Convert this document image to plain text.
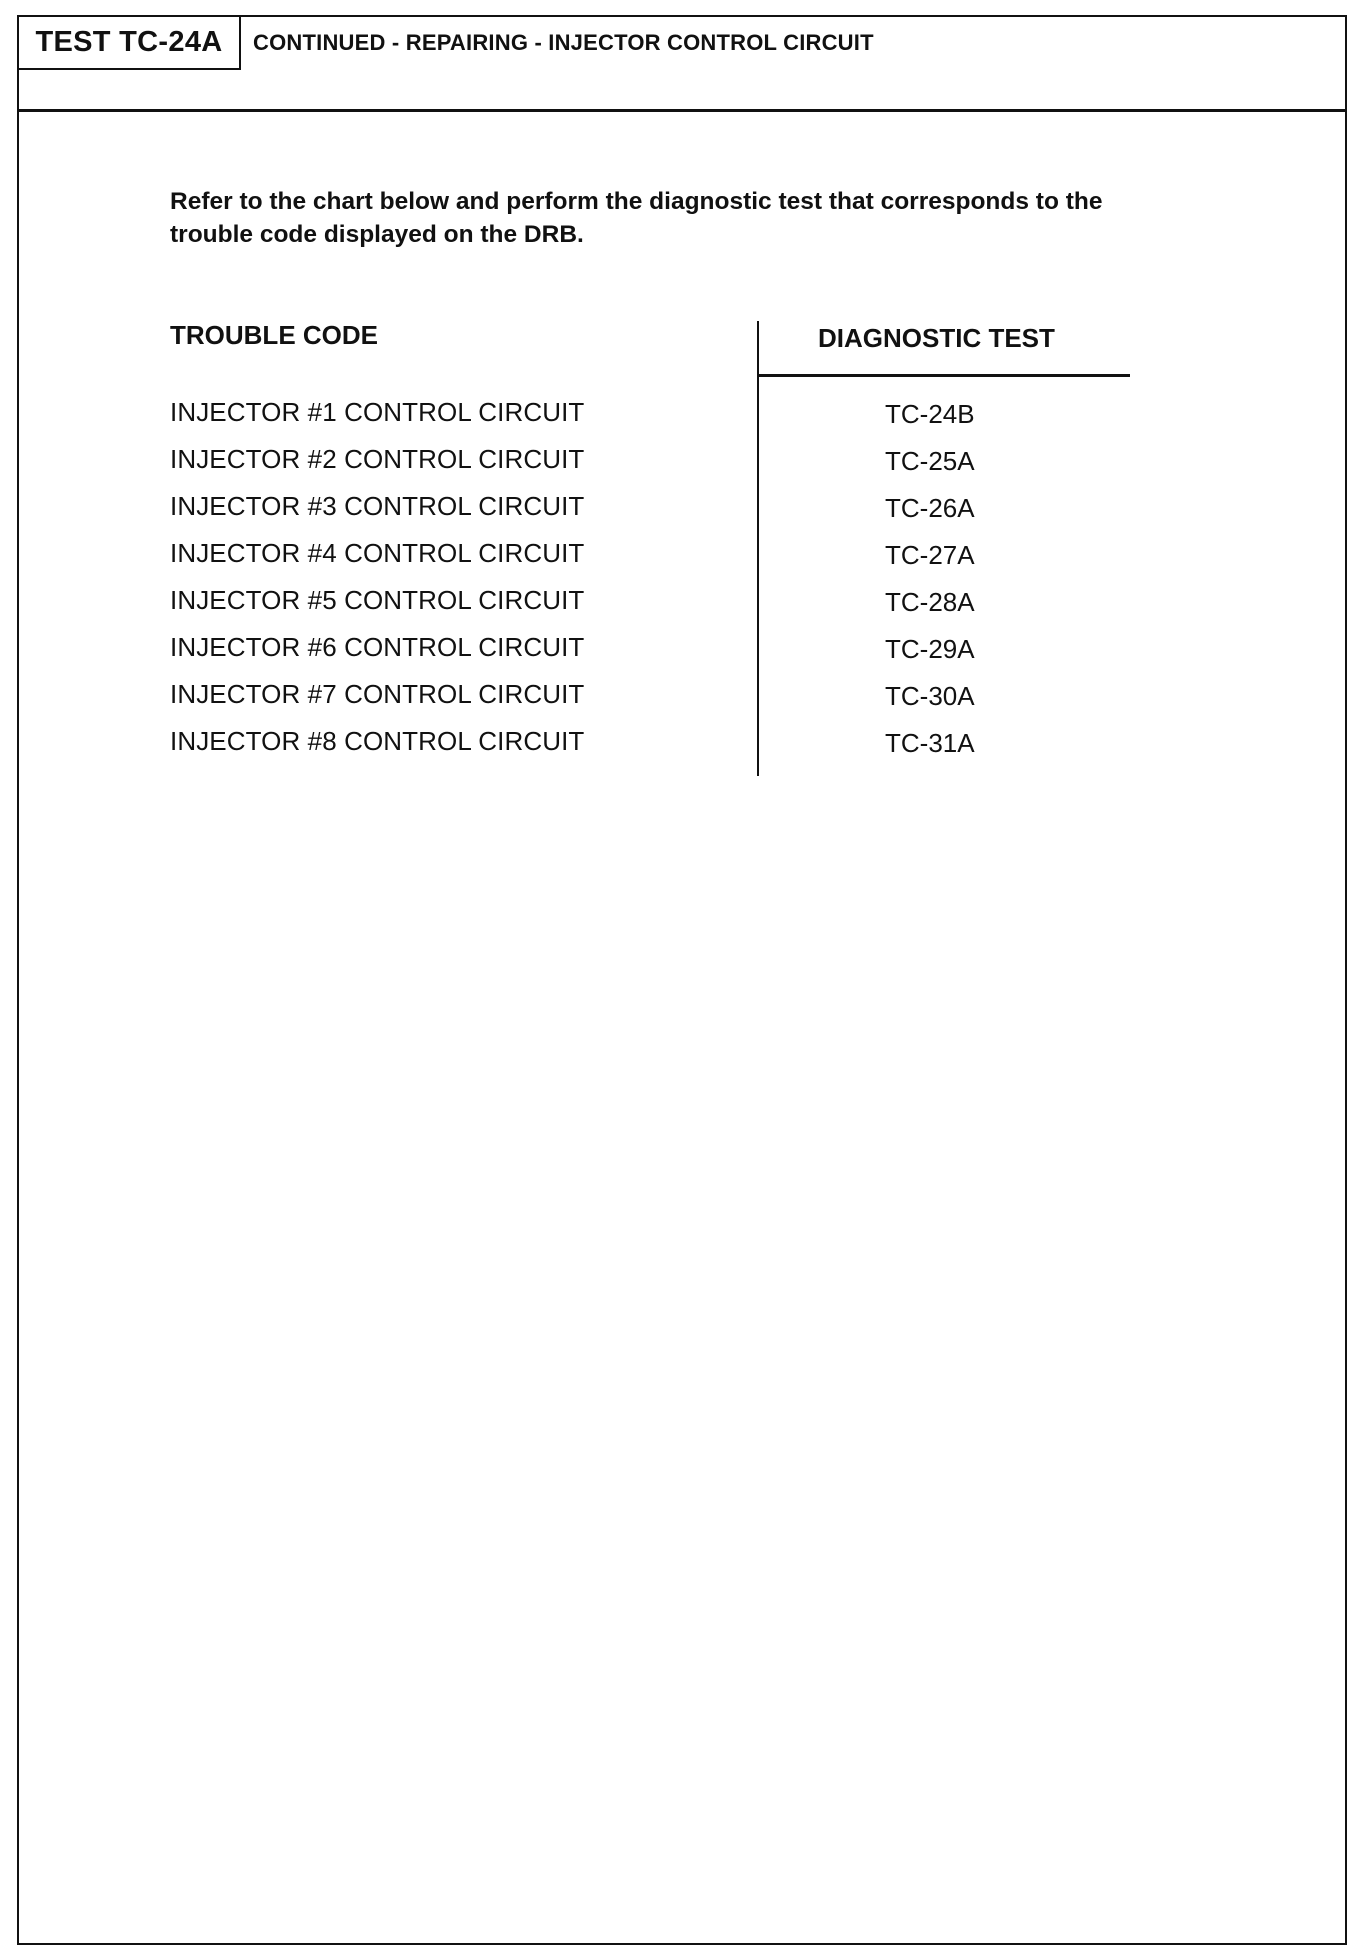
TEST TC-24A	CONTINUED - REPAIRING - INJECTOR CONTROL CIRCUIT
Refer to the chart below and perform the diagnostic test that corresponds to the trouble code displayed on the DRB.
TROUBLE CODE	DIAGNOSTIC TEST
INJECTOR #1 CONTROL CIRCUIT	TC-24B
INJECTOR #2 CONTROL CIRCUIT	TC-25A
INJECTOR #3 CONTROL CIRCUIT	TC-26A
INJECTOR #4 CONTROL CIRCUIT	TC-27A
INJECTOR #5 CONTROL CIRCUIT	TC-28A
INJECTOR #6 CONTROL CIRCUIT	TC-29A
INJECTOR #7 CONTROL CIRCUIT	TC-30A
INJECTOR #8 CONTROL CIRCUIT	TC-31A
